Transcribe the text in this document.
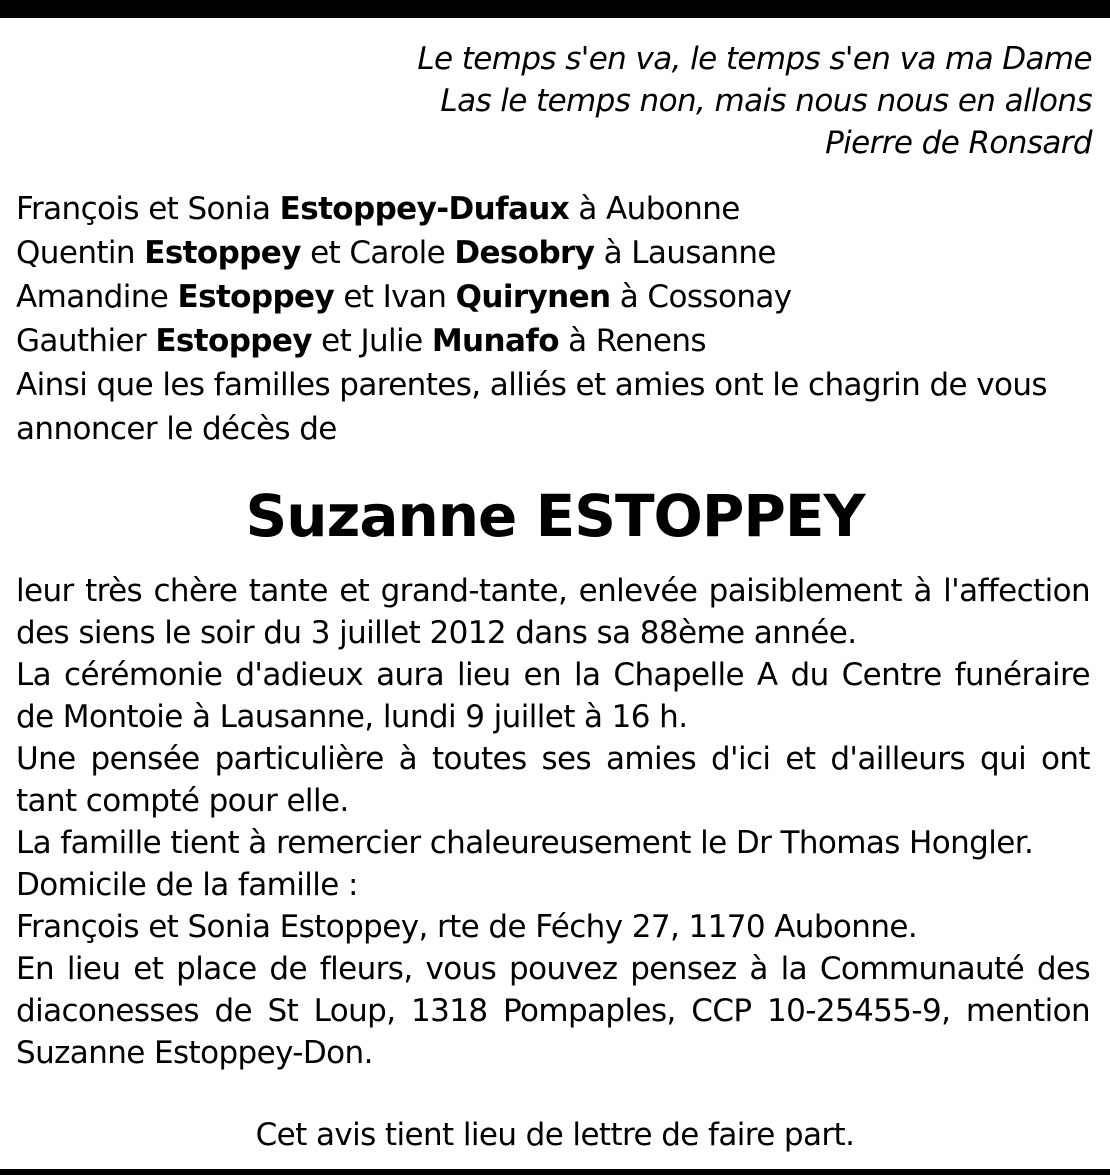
Le temps s'en va, le temps s'en va ma Dame
Las le temps non, mais nous nous en allons
Pierre de Ronsard
François et Sonia Estoppey-Dufaux à Aubonne
Quentin Estoppey et Carole Desobry à Lausanne
Amandine Estoppey et Ivan Quirynen à Cossonay
Gauthier Estoppey et Julie Munafo à Renens
Ainsi que les familles parentes, alliés et amies ont le chagrin de vous annoncer le décès de
Suzanne ESTOPPEY

leur très chère tante et grand-tante, enlevée paisiblement à l'affection des siens le soir du 3 juillet 2012 dans sa 88ème année.

La cérémonie d'adieux aura lieu en la Chapelle A du Centre funéraire de Montoie à Lausanne, lundi 9 juillet à 16 h.

Une pensée particulière à toutes ses amies d'ici et d'ailleurs qui ont tant compté pour elle.

La famille tient à remercier chaleureusement le Dr Thomas Hongler.

Domicile de la famille :

François et Sonia Estoppey, rte de Féchy 27, 1170 Aubonne.

En lieu et place de fleurs, vous pouvez pensez à la Communauté des diaconesses de St Loup, 1318 Pompaples, CCP 10-25455-9, mention Suzanne Estoppey-Don.

Cet avis tient lieu de lettre de faire part.
